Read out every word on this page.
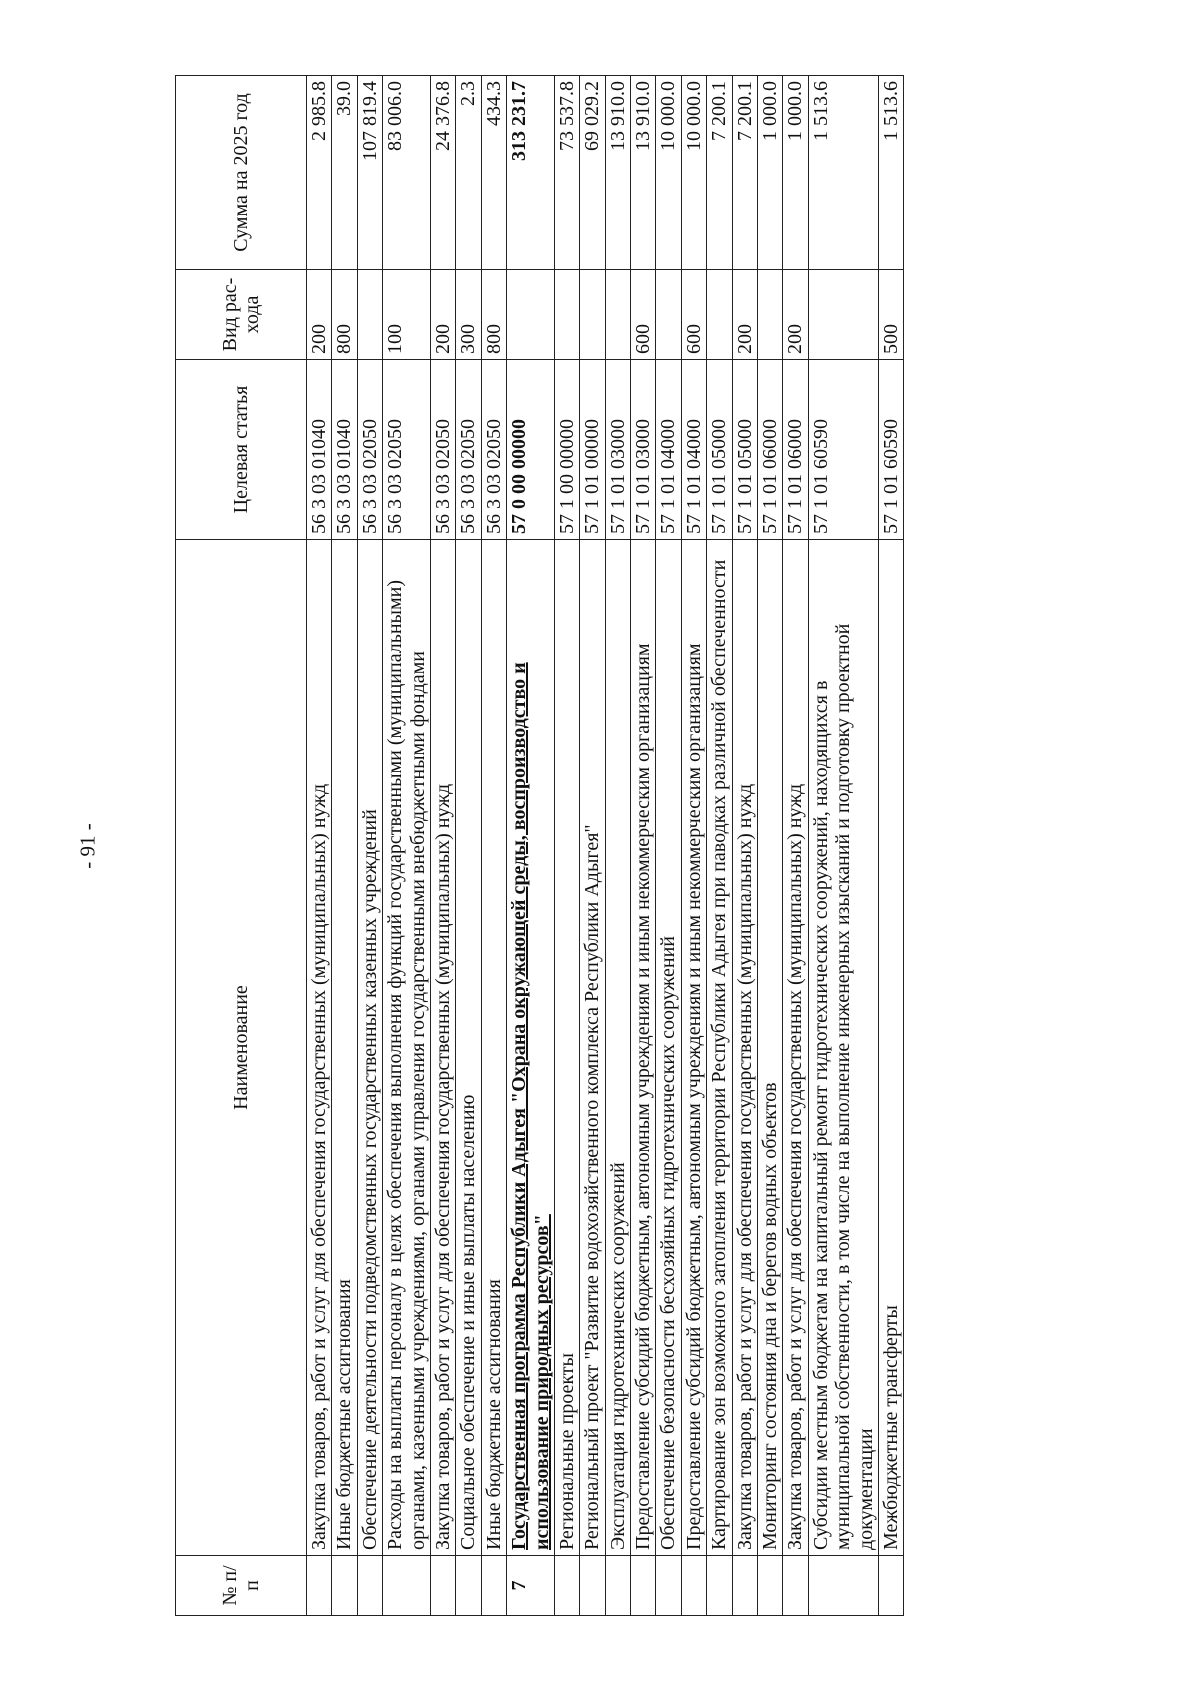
- 91 -
№ п/п	Наименование	Целевая статья	Вид рас-хода	Сумма на 2025 год
	Закупка товаров, работ и услуг для обеспечения государственных (муниципальных) нужд	56 3 03 01040	200	2 985.8
	Иные бюджетные ассигнования	56 3 03 01040	800	39.0
	Обеспечение деятельности подведомственных государственных казенных учреждений	56 3 03 02050		107 819.4
	Расходы на выплаты персоналу в целях обеспечения выполнения функций государственными (муниципальными) органами, казенными учреждениями, органами управления государственными внебюджетными фондами	56 3 03 02050	100	83 006.0
	Закупка товаров, работ и услуг для обеспечения государственных (муниципальных) нужд	56 3 03 02050	200	24 376.8
	Социальное обеспечение и иные выплаты населению	56 3 03 02050	300	2.3
	Иные бюджетные ассигнования	56 3 03 02050	800	434.3
7	Государственная программа Республики Адыгея "Охрана окружающей среды, воспроизводство и использование природных ресурсов"	57 0 00 00000		313 231.7
	Региональные проекты	57 1 00 00000		73 537.8
	Региональный проект "Развитие водохозяйственного комплекса Республики Адыгея"	57 1 01 00000		69 029.2
	Эксплуатация гидротехнических сооружений	57 1 01 03000		13 910.0
	Предоставление субсидий бюджетным, автономным учреждениям и иным некоммерческим организациям	57 1 01 03000	600	13 910.0
	Обеспечение безопасности бесхозяйных гидротехнических сооружений	57 1 01 04000		10 000.0
	Предоставление субсидий бюджетным, автономным учреждениям и иным некоммерческим организациям	57 1 01 04000	600	10 000.0
	Картирование зон возможного затопления территории Республики Адыгея при паводках различной обеспеченности	57 1 01 05000		7 200.1
	Закупка товаров, работ и услуг для обеспечения государственных (муниципальных) нужд	57 1 01 05000	200	7 200.1
	Мониторинг состояния дна и берегов водных объектов	57 1 01 06000		1 000.0
	Закупка товаров, работ и услуг для обеспечения государственных (муниципальных) нужд	57 1 01 06000	200	1 000.0
	Субсидии местным бюджетам на капитальный ремонт гидротехнических сооружений, находящихся в муниципальной собственности, в том числе на выполнение инженерных изысканий и подготовку проектной документации	57 1 01 60590		1 513.6
	Межбюджетные трансферты	57 1 01 60590	500	1 513.6
